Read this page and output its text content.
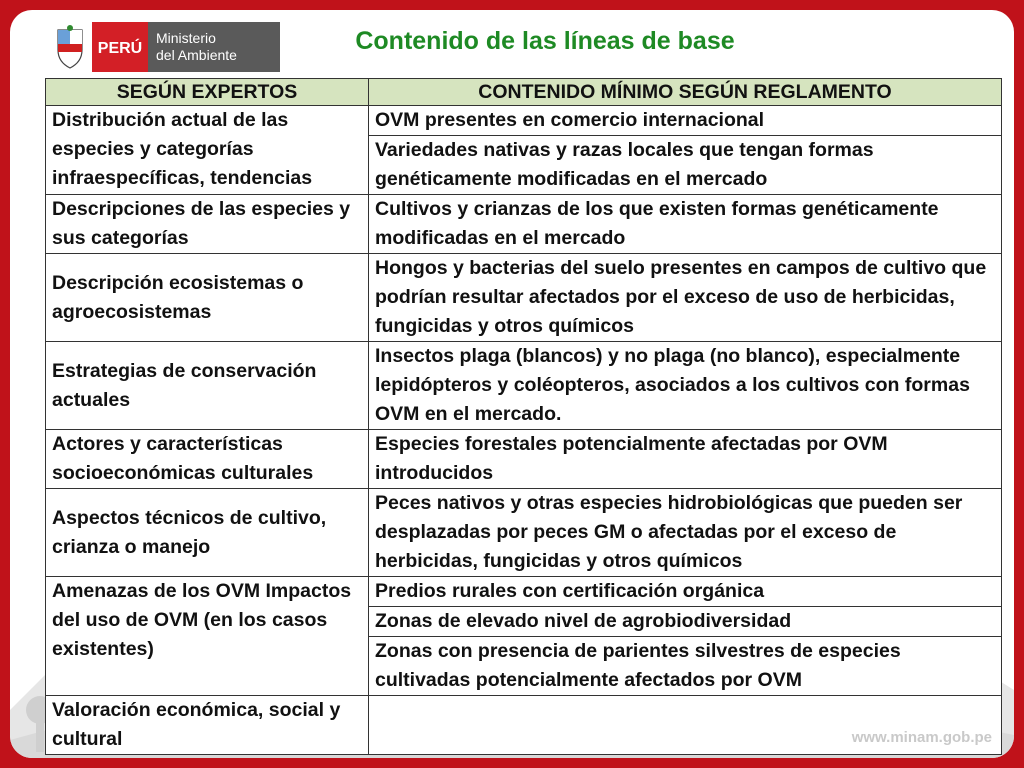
PERÚ
Ministerio
del Ambiente	Contenido de las líneas de base
SEGÚN EXPERTOS	CONTENIDO MÍNIMO SEGÚN REGLAMENTO
Distribución actual de las especies y categorías infraespecíficas, tendencias	OVM presentes en comercio internacional
	Variedades nativas y razas locales que tengan formas genéticamente modificadas en el mercado
Descripciones de las especies y sus categorías	Cultivos y crianzas de los que existen formas genéticamente modificadas en el mercado
Descripción ecosistemas o agroecosistemas	Hongos y bacterias del suelo presentes en campos de cultivo que podrían resultar afectados por el exceso de uso de herbicidas, fungicidas y otros químicos
Estrategias de conservación actuales	Insectos plaga (blancos) y no plaga (no blanco), especialmente lepidópteros y coléopteros, asociados a los cultivos con formas OVM en el mercado.
Actores y características socioeconómicas culturales	Especies forestales potencialmente afectadas por OVM introducidos
Aspectos técnicos de cultivo, crianza o manejo	Peces nativos y otras especies hidrobiológicas que pueden ser desplazadas por peces GM o afectadas por el exceso de herbicidas, fungicidas y otros químicos
Amenazas de los OVM Impactos del uso de OVM (en los casos existentes)	Predios rurales con certificación orgánica
	Zonas de elevado nivel de agrobiodiversidad
	Zonas con presencia de parientes silvestres de especies cultivadas potencialmente afectados por OVM
Valoración económica, social y cultural		www.minam.gob.pe
